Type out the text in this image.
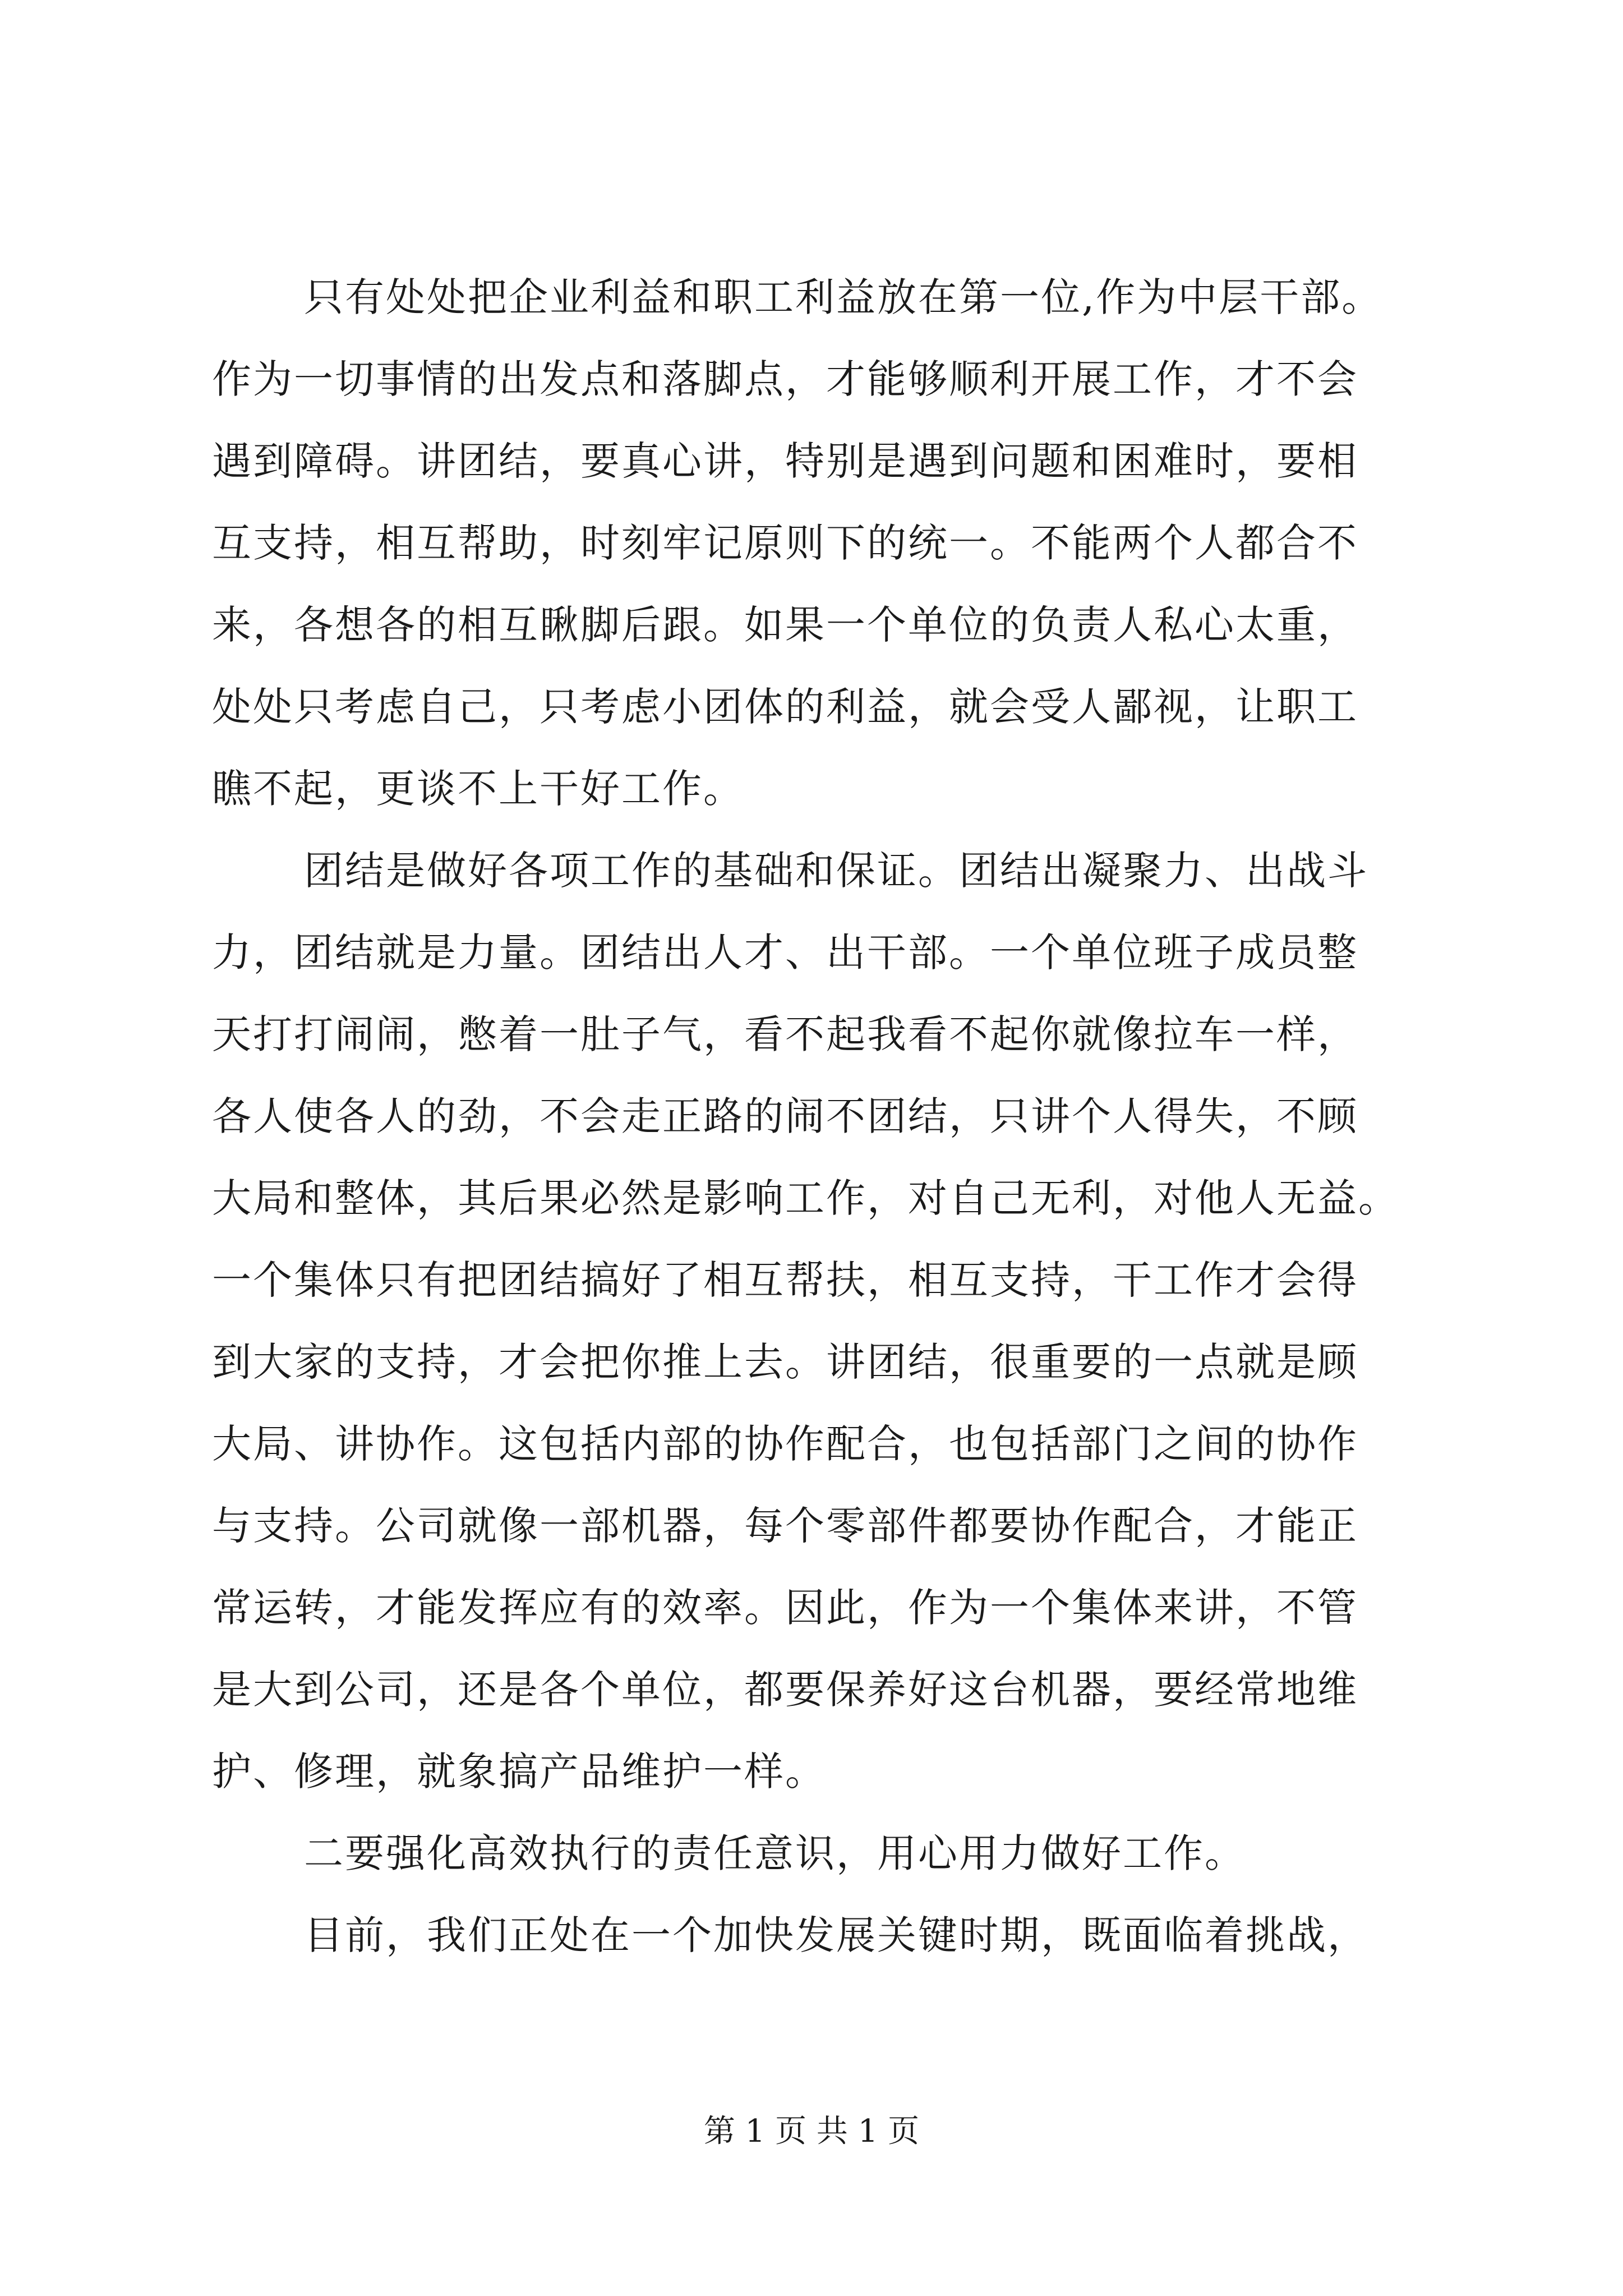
只有处处把企业利益和职工利益放在第一位,作为中层干部。
作为一切事情的出发点和落脚点，才能够顺利开展工作，才不会
遇到障碍。讲团结，要真心讲，特别是遇到问题和困难时，要相
互支持，相互帮助，时刻牢记原则下的统一。不能两个人都合不
来，各想各的相互瞅脚后跟。如果一个单位的负责人私心太重，
处处只考虑自己，只考虑小团体的利益，就会受人鄙视，让职工
瞧不起，更谈不上干好工作。
团结是做好各项工作的基础和保证。团结出凝聚力、出战斗
力，团结就是力量。团结出人才、出干部。一个单位班子成员整
天打打闹闹，憋着一肚子气，看不起我看不起你就像拉车一样，
各人使各人的劲，不会走正路的闹不团结，只讲个人得失，不顾
大局和整体，其后果必然是影响工作，对自己无利，对他人无益。
一个集体只有把团结搞好了相互帮扶，相互支持，干工作才会得
到大家的支持，才会把你推上去。讲团结，很重要的一点就是顾
大局、讲协作。这包括内部的协作配合，也包括部门之间的协作
与支持。公司就像一部机器，每个零部件都要协作配合，才能正
常运转，才能发挥应有的效率。因此，作为一个集体来讲，不管
是大到公司，还是各个单位，都要保养好这台机器，要经常地维
护、修理，就象搞产品维护一样。
二要强化高效执行的责任意识，用心用力做好工作。
目前，我们正处在一个加快发展关键时期，既面临着挑战，
第 1 页 共 1 页
